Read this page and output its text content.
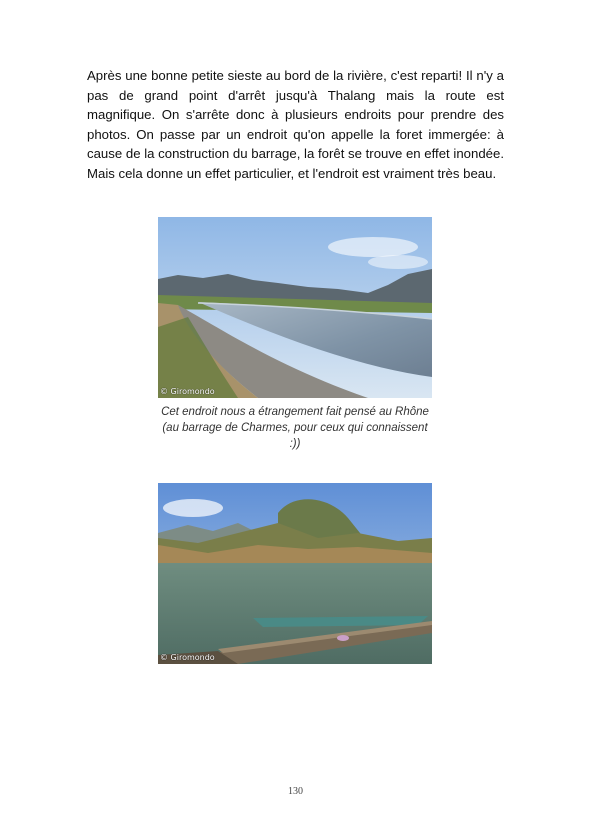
Après une bonne petite sieste au bord de la rivière, c'est reparti! Il n'y a pas de grand point d'arrêt jusqu'à Thalang mais la route est magnifique. On s'arrête donc à plusieurs endroits pour prendre des photos. On passe par un endroit qu'on appelle la foret immergée: à cause de la construction du barrage, la forêt se trouve en effet inondée. Mais cela donne un effet particulier, et l'endroit est vraiment très beau.

© Giromondo

Cet endroit nous a étrangement fait pensé au Rhône (au barrage de Charmes, pour ceux qui connaissent :))

© Giromondo
130
